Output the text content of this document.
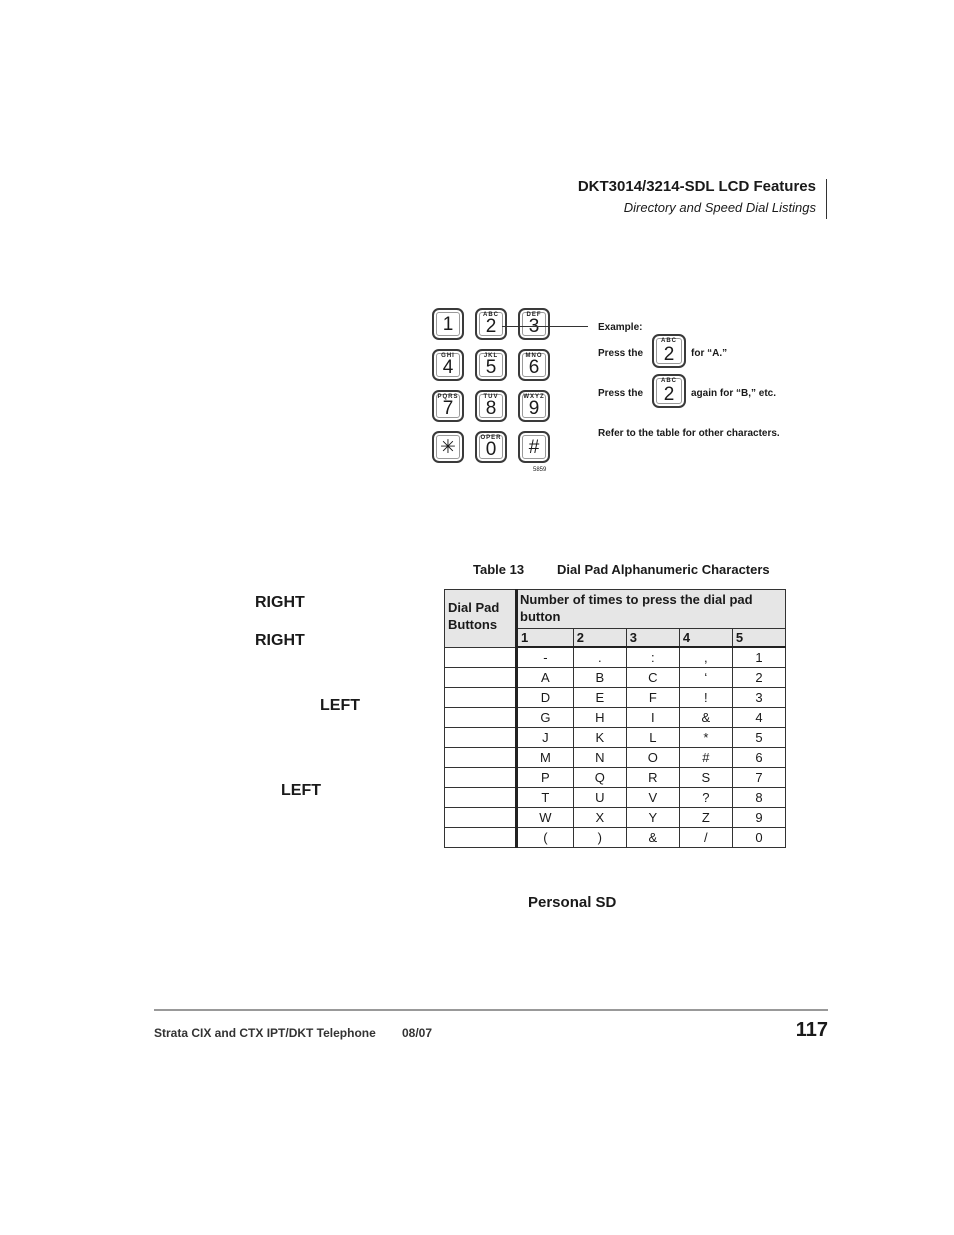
DKT3014/3214-SDL LCD Features
Directory and Speed Dial Listings
1	ABC
2
DEF
GHI
4
JKL
5
MNO
6
PQRS
7
TUV
8
WXYZ
9
✳	OPER
0	#
5859
Example:
Press the
ABC
2	for “A.”
Press the
ABC
2	again for “B,” etc.
Refer to the table for other characters.
RIGHT
RIGHT
LEFT
LEFT
Table 13	Dial Pad Alphanumeric Characters
Dial Pad Buttons	Number of times to press the dial pad button				
	1	2	3	4	5
	-	.	:	,	1
	A	B	C	‘	2
	D	E	F	!	3
	G	H	I	&	4
	J	K	L	*	5
	M	N	O	#	6
	P	Q	R	S	7
	T	U	V	?	8
	W	X	Y	Z	9
	(	)	&	/	0
Personal SD
Strata CIX and CTX IPT/DKT Telephone 08/07	117
